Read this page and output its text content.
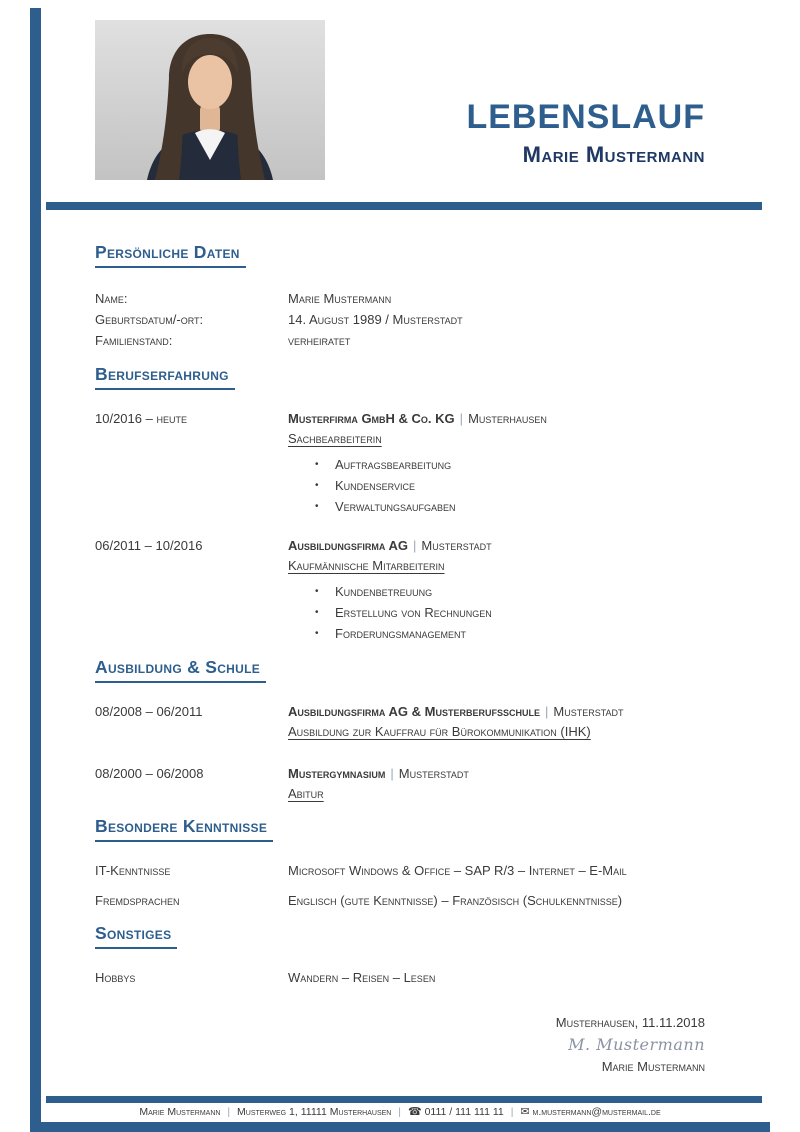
LEBENSLAUF
Marie Mustermann
Persönliche Daten
Name:	Marie Mustermann
Geburtsdatum/-ort:	14. August 1989 / Musterstadt
Familienstand:	verheiratet
Berufserfahrung
10/2016 – heute	Musterfirma GmbH & Co. KG | Musterhausen
Sachbearbeiterin
•	Auftragsbearbeitung
•	Kundenservice
•	Verwaltungsaufgaben
06/2011 – 10/2016	Ausbildungsfirma AG | Musterstadt
Kaufmännische Mitarbeiterin
•	Kundenbetreuung
•	Erstellung von Rechnungen
•	Forderungsmanagement
Ausbildung & Schule
08/2008 – 06/2011	Ausbildungsfirma AG & Musterberufsschule | Musterstadt
Ausbildung zur Kauffrau für Bürokommunikation (IHK)
08/2000 – 06/2008	Mustergymnasium | Musterstadt
Abitur
Besondere Kenntnisse
IT-Kenntnisse	Microsoft Windows & Office – SAP R/3 – Internet – E-Mail
Fremdsprachen	Englisch (gute Kenntnisse) – Französisch (Schulkenntnisse)
Sonstiges
Hobbys	Wandern – Reisen – Lesen
Musterhausen, 11.11.2018
M. Mustermann
Marie Mustermann
Marie Mustermann | Musterweg 1, 11111 Musterhausen | ☎ 0111 / 111 111 11 | ✉ m.mustermann@mustermail.de
